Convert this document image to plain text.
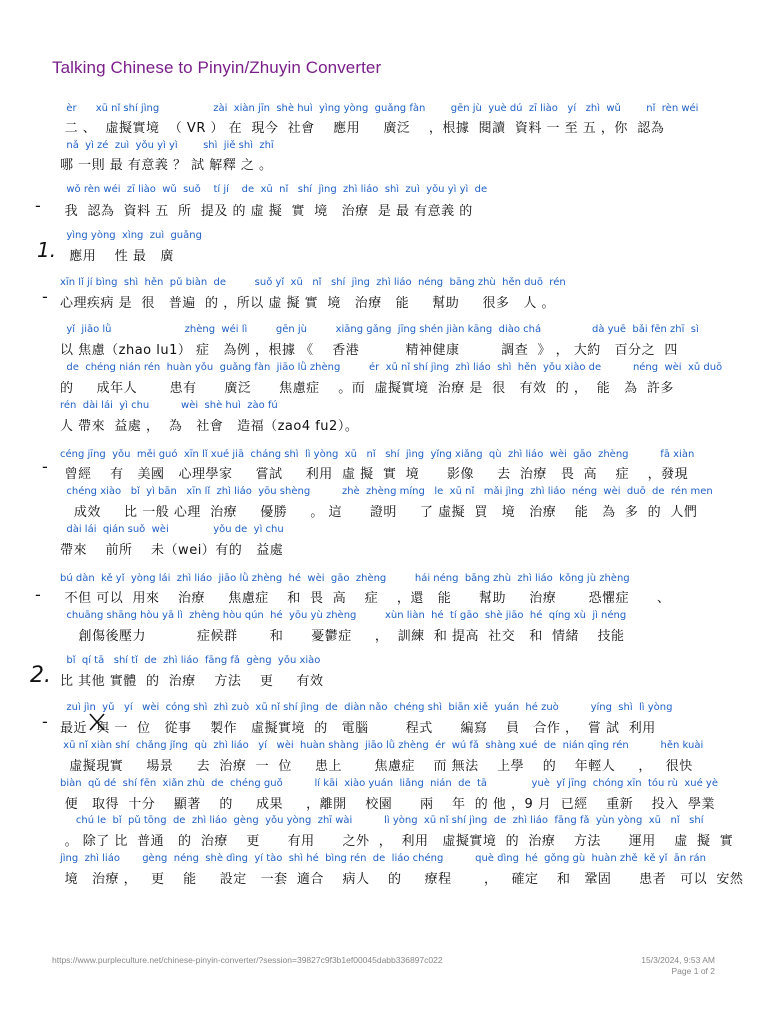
Talking Chinese to Pinyin/Zhuyin Converter

èr      xū nǐ shí jìng                 zài  xiàn jīn  shè huì  yìng yòng  guǎng fàn        gēn jù  yuè dú  zī liào   yí   zhì  wǔ        nǐ  rèn wéi

二 、  虛擬實境  （ VR ） 在  現今  社會    應用     廣泛    ，根據  閱讀  資料 一 至 五 ，你  認為

nǎ  yì zé  zuì  yǒu yì yì        shì  jiě shì  zhī

哪 一則 最 有意義 ？ 試 解釋 之 。

wǒ rèn wéi  zī liào  wǔ  suǒ    tí jí    de  xū  nǐ   shí  jìng  zhì liáo  shì  zuì  yǒu yì yì  de

我  認為  資料 五  所  提及 的 虛 擬  實  境   治療  是 最 有意義 的

yìng yòng  xìng  zuì  guǎng

應用    性 最   廣

xīn lǐ jí bìng  shì  hěn  pǔ biàn  de         suǒ yǐ  xū   nǐ   shí  jìng  zhì liáo  néng  bāng zhù  hěn duō  rén

心理疾病 是  很   普遍  的 ，所以 虛 擬 實  境   治療   能     幫助     很多   人 。

yǐ  jiāo lǜ                       zhèng  wéi lì         gēn jù         xiāng gǎng  jīng shén jiàn kāng  diào chá                dà yuē  bǎi fēn zhī  sì

以 焦慮（zhao lu1） 症   為例 ，根據 《    香港          精神健康         調查  》 ， 大約   百分之  四

de  chéng nián rén  huàn yǒu  guǎng fàn  jiāo lǜ zhèng         ér  xū nǐ shí jìng  zhì liáo  shì  hěn  yǒu xiào de          néng  wèi  xǔ duō

的     成年人       患有      廣泛      焦慮症    。而  虛擬實境  治療 是  很   有效  的 ，  能   為  許多

rén  dài lái  yì chu          wèi  shè huì  zào fú

人 帶來  益處 ，  為   社會   造福（zao4 fu2）。

céng jīng  yǒu  měi guó  xīn lǐ xué jiā  cháng shì  lì yòng  xū   nǐ   shí  jìng  yǐng xiǎng  qù  zhì liáo  wèi  gāo  zhèng          fā xiàn

曾經    有   美國   心理學家     嘗試     利用  虛 擬  實  境      影像     去  治療   畏  高    症    ，發現

chéng xiào   bǐ  yì bān   xīn lǐ  zhì liáo  yōu shèng          zhè  zhèng míng   le  xū nǐ   mǎi jìng  zhì liáo  néng  wèi  duō  de  rén men

成效     比 一般 心理  治療     優勝     。 這      證明     了 虛擬  買   境   治療    能   為  多  的  人們

dài lái  qián suǒ  wèi              yǒu de  yì chu

帶來    前所    未（wei）有的   益處

bú dàn  kě yǐ  yòng lái  zhì liáo  jiāo lǜ zhèng  hé  wèi  gāo  zhèng         hái néng  bāng zhù  zhì liáo  kǒng jù zhèng

不但 可以  用來    治療     焦慮症    和  畏  高    症    ，還   能      幫助     治療       恐懼症      、

chuāng shāng hòu yā lì  zhèng hòu qún  hé  yōu yù zhèng         xùn liàn  hé  tí gāo  shè jiāo  hé  qíng xù  jì néng

創傷後壓力           症候群       和      憂鬱症     ，  訓練  和 提高  社交   和  情緒    技能

bǐ  qí tā   shí tǐ  de  zhì liáo  fāng fǎ  gèng  yǒu xiào

比 其他 實體  的  治療    方法    更     有效

zuì jìn  yǔ   yí   wèi  cóng shì  zhì zuò  xū nǐ shí jìng  de  diàn nǎo  chéng shì  biān xiě  yuán  hé zuò          yíng  shì  lì yòng

最近  與 一  位   從事    製作   虛擬實境  的   電腦        程式      編寫    員   合作 ，  嘗 試  利用

xū nǐ xiàn shí  chǎng jǐng  qù  zhì liáo   yí   wèi  huàn shàng  jiāo lǜ zhèng  ér  wú fǎ  shàng xué  de  nián qīng rén          hěn kuài

虛擬現實     場景     去  治療  一  位     患上       焦慮症    而 無法    上學    的    年輕人     ，   很快

biàn  qǔ dé  shí fēn  xiǎn zhù  de  chéng guǒ          lí kāi  xiào yuán  liǎng  nián  de  tā              yuè  yǐ jīng  chóng xīn  tóu rù  xué yè

便   取得  十分    顯著    的     成果     ，離開    校園      兩    年  的 他 ，9 月  已經    重新    投入  學業

chú le  bǐ  pǔ tōng  de  zhì liáo  gèng  yǒu yòng  zhī wài          lì yòng  xū nǐ shí jìng  de  zhì liáo  fāng fǎ  yùn yòng  xū   nǐ   shí

。 除了 比  普通   的  治療    更      有用      之外  ，  利用   虛擬實境  的  治療    方法      運用    虛  擬  實

jìng  zhì liáo       gèng  néng  shè dìng  yí tào  shì hé  bìng rén  de  liáo chéng          què dìng  hé  gǒng gù  huàn zhě  kě yǐ  ān rán

境   治療 ，   更    能     設定   一套  適合    病人    的     療程       ，   確定    和   鞏固      患者   可以  安然

-
1.
-
-
-
2.
-
https://www.purpleculture.net/chinese-pinyin-converter/?session=39827c9f3b1ef00045dabb336897c022	15/3/2024, 9:53 AM
Page 1 of 2
